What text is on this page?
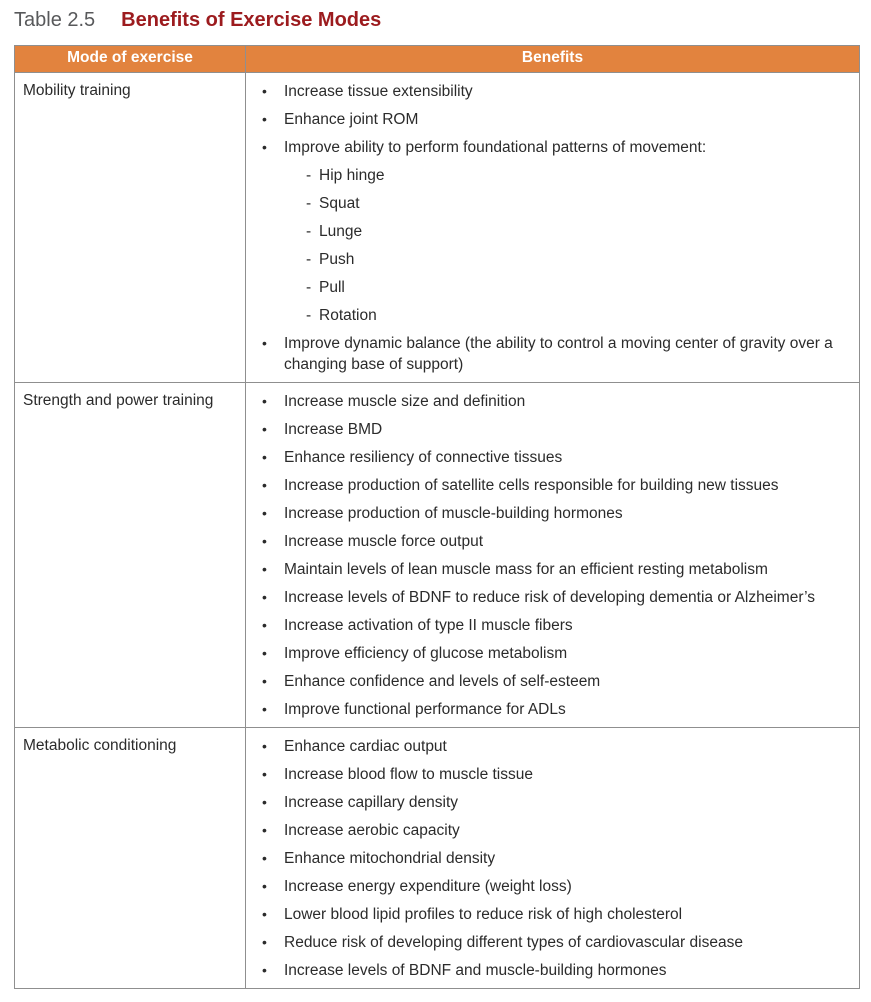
Table 2.5 Benefits of Exercise Modes
Mode of exercise	Benefits
Mobility training	•	Increase tissue extensibility
•	Enhance joint ROM
•	Improve ability to perform foundational patterns of movement:
- Hip hinge
- Squat
- Lunge
- Push
- Pull
- Rotation
•	Improve dynamic balance (the ability to control a moving center of gravity over a changing base of support)
Strength and power training	•	Increase muscle size and definition
•	Increase BMD
•	Enhance resiliency of connective tissues
•	Increase production of satellite cells responsible for building new tissues
•	Increase production of muscle-building hormones
•	Increase muscle force output
•	Maintain levels of lean muscle mass for an efficient resting metabolism
•	Increase levels of BDNF to reduce risk of developing dementia or Alzheimer’s
•	Increase activation of type II muscle fibers
•	Improve efficiency of glucose metabolism
•	Enhance confidence and levels of self-esteem
•	Improve functional performance for ADLs
Metabolic conditioning	•	Enhance cardiac output
•	Increase blood flow to muscle tissue
•	Increase capillary density
•	Increase aerobic capacity
•	Enhance mitochondrial density
•	Increase energy expenditure (weight loss)
•	Lower blood lipid profiles to reduce risk of high cholesterol
•	Reduce risk of developing different types of cardiovascular disease
•	Increase levels of BDNF and muscle-building hormones
